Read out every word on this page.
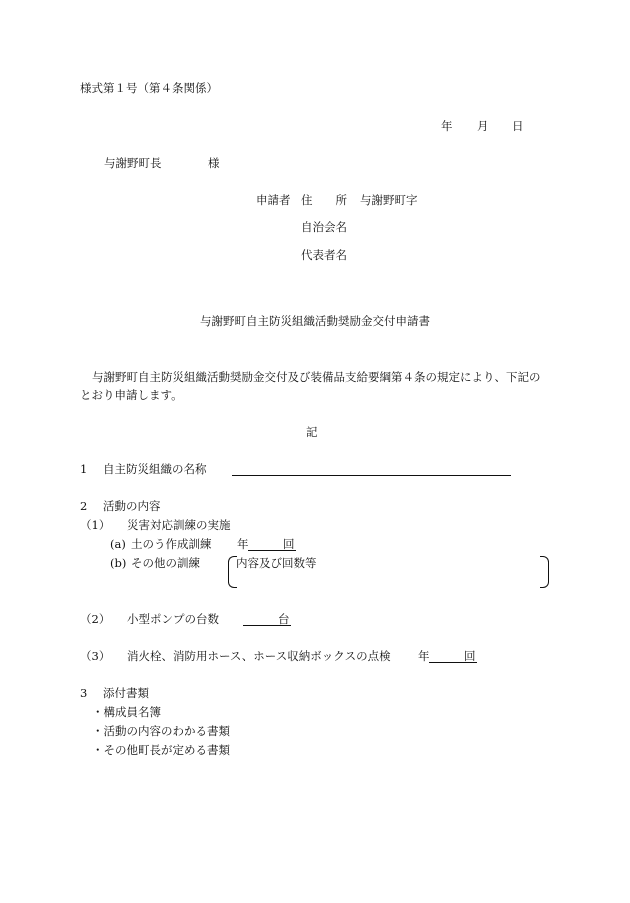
様式第１号（第４条関係）
年 月 日
与謝野町長	様
申請者 住　　所 与謝野町字
自治会名
代表者名
与謝野町自主防災組織活動奨励金交付申請書
与謝野町自主防災組織活動奨励金交付及び装備品支給要綱第４条の規定により、下記の
とおり申請します。
記
1 自主防災組織の名称
2 活動の内容
（1） 災害対応訓練の実施
(a) 土のう作成訓練 年	回
(b) その他の訓練	内容及び回数等
（2） 小型ポンプの台数	台
（3） 消火栓、消防用ホース、ホース収納ボックスの点検 年	回
3 添付書類
・構成員名簿
・活動の内容のわかる書類
・その他町長が定める書類
